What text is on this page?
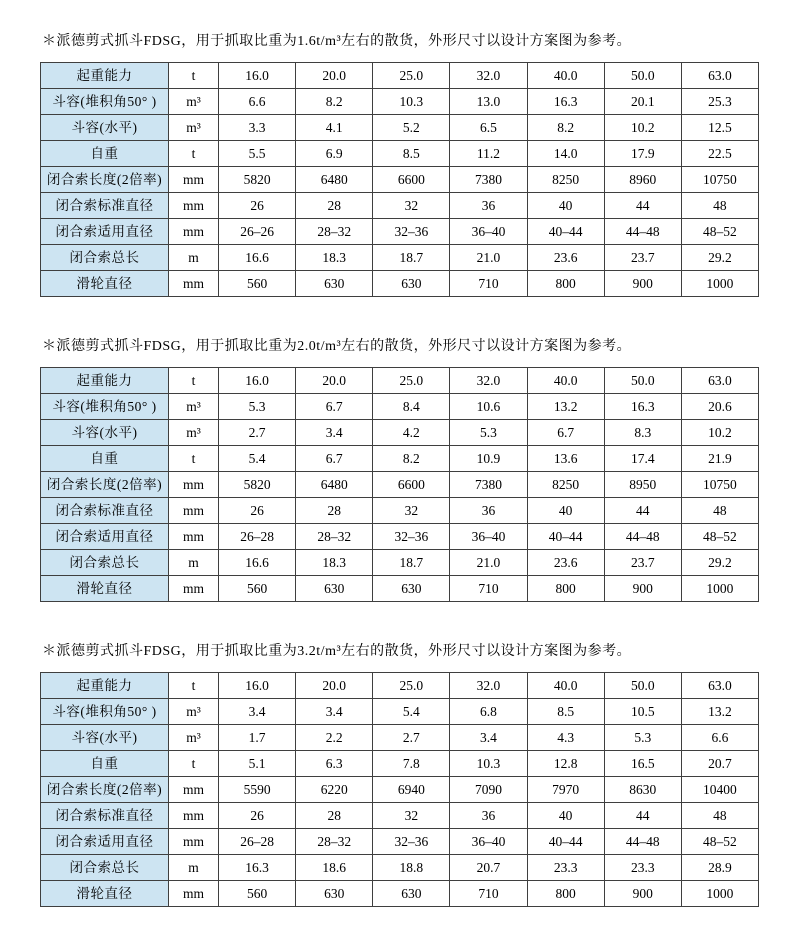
＊派德剪式抓斗FDSG，用于抓取比重为1.6t/m³左右的散货，外形尺寸以设计方案图为参考。

起重能力	t	16.0	20.0	25.0	32.0	40.0	50.0	63.0
斗容(堆积角50° )	m³	6.6	8.2	10.3	13.0	16.3	20.1	25.3
斗容(水平)	m³	3.3	4.1	5.2	6.5	8.2	10.2	12.5
自重	t	5.5	6.9	8.5	11.2	14.0	17.9	22.5
闭合索长度(2倍率)	mm	5820	6480	6600	7380	8250	8960	10750
闭合索标准直径	mm	26	28	32	36	40	44	48
闭合索适用直径	mm	26–26	28–32	32–36	36–40	40–44	44–48	48–52
闭合索总长	m	16.6	18.3	18.7	21.0	23.6	23.7	29.2
滑轮直径	mm	560	630	630	710	800	900	1000

＊派德剪式抓斗FDSG，用于抓取比重为2.0t/m³左右的散货，外形尺寸以设计方案图为参考。

起重能力	t	16.0	20.0	25.0	32.0	40.0	50.0	63.0
斗容(堆积角50° )	m³	5.3	6.7	8.4	10.6	13.2	16.3	20.6
斗容(水平)	m³	2.7	3.4	4.2	5.3	6.7	8.3	10.2
自重	t	5.4	6.7	8.2	10.9	13.6	17.4	21.9
闭合索长度(2倍率)	mm	5820	6480	6600	7380	8250	8950	10750
闭合索标准直径	mm	26	28	32	36	40	44	48
闭合索适用直径	mm	26–28	28–32	32–36	36–40	40–44	44–48	48–52
闭合索总长	m	16.6	18.3	18.7	21.0	23.6	23.7	29.2
滑轮直径	mm	560	630	630	710	800	900	1000

＊派德剪式抓斗FDSG，用于抓取比重为3.2t/m³左右的散货，外形尺寸以设计方案图为参考。

起重能力	t	16.0	20.0	25.0	32.0	40.0	50.0	63.0
斗容(堆积角50° )	m³	3.4	3.4	5.4	6.8	8.5	10.5	13.2
斗容(水平)	m³	1.7	2.2	2.7	3.4	4.3	5.3	6.6
自重	t	5.1	6.3	7.8	10.3	12.8	16.5	20.7
闭合索长度(2倍率)	mm	5590	6220	6940	7090	7970	8630	10400
闭合索标准直径	mm	26	28	32	36	40	44	48
闭合索适用直径	mm	26–28	28–32	32–36	36–40	40–44	44–48	48–52
闭合索总长	m	16.3	18.6	18.8	20.7	23.3	23.3	28.9
滑轮直径	mm	560	630	630	710	800	900	1000
